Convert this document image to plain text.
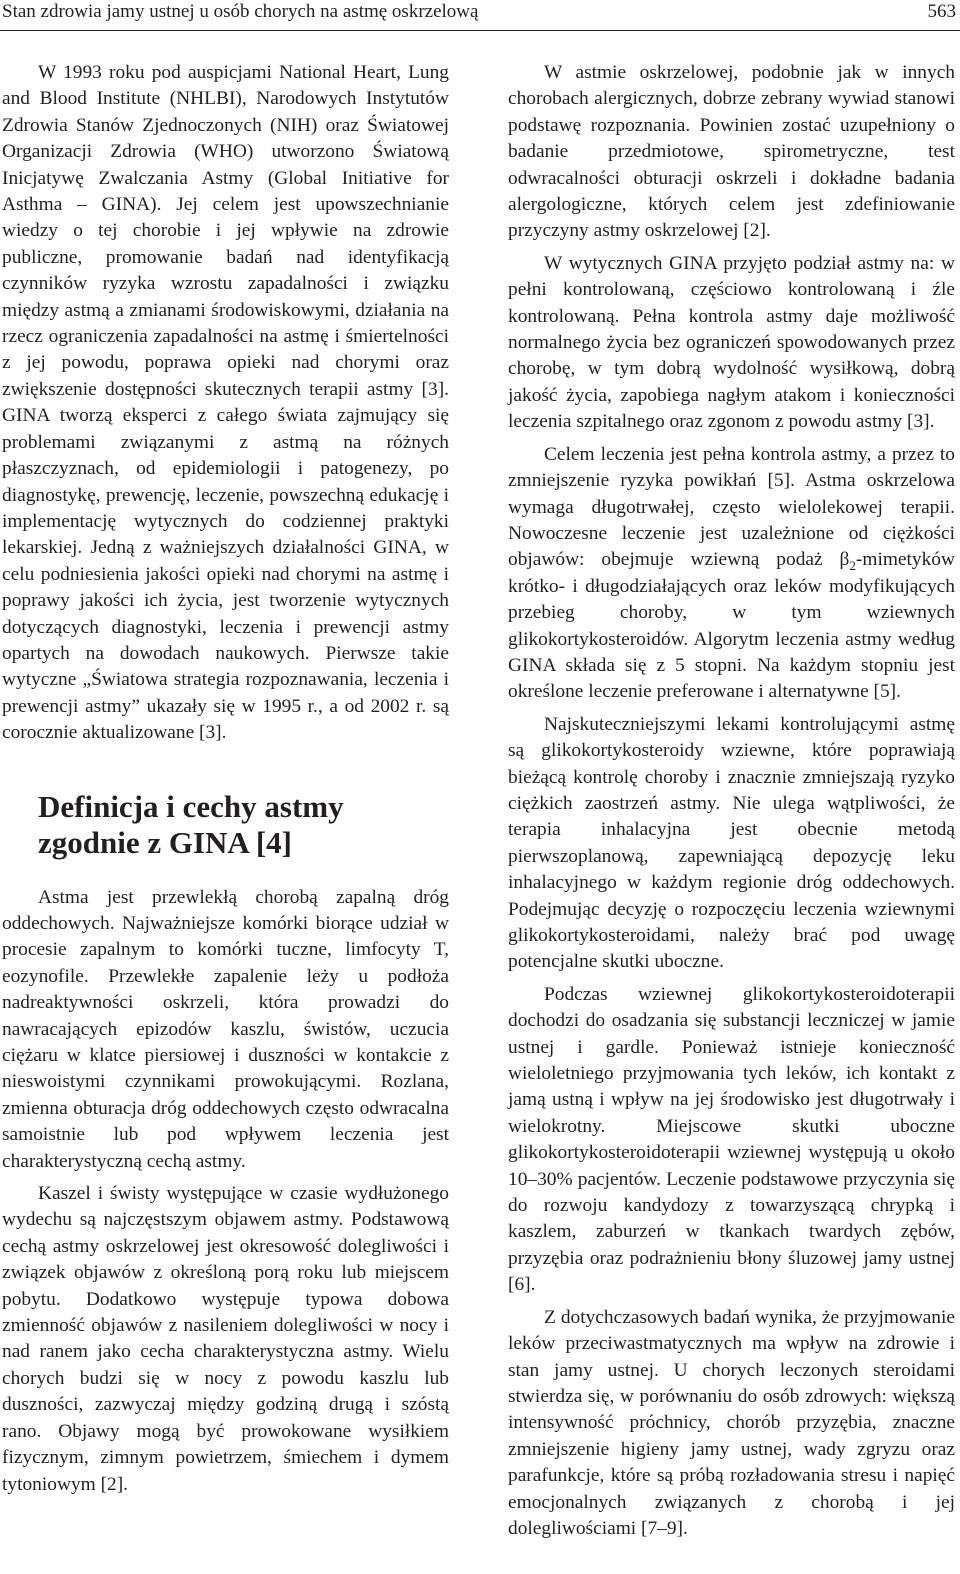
Stan zdrowia jamy ustnej u osób chorych na astmę oskrzelową	563

W 1993 roku pod auspicjami National Heart, Lung and Blood Institute (NHLBI), Narodowych Instytutów Zdrowia Stanów Zjednoczonych (NIH) oraz Światowej Organizacji Zdrowia (WHO) utworzono Światową Inicjatywę Zwalczania Astmy (Global Initiative for Asthma – GINA). Jej celem jest upowszechnianie wiedzy o tej chorobie i jej wpływie na zdrowie publiczne, promowanie badań nad identyfikacją czynników ryzyka wzrostu zapadalności i związku między astmą a zmianami środowiskowymi, działania na rzecz ograniczenia zapadalności na astmę i śmiertelności z jej powodu, poprawa opieki nad chorymi oraz zwiększenie dostępności skutecznych terapii astmy [3]. GINA tworzą eksperci z całego świata zajmujący się problemami związanymi z astmą na różnych płaszczyznach, od epidemiologii i patogenezy, po diagnostykę, prewencję, leczenie, powszechną edukację i implementację wytycznych do codziennej praktyki lekarskiej. Jedną z ważniejszych działalności GINA, w celu podniesienia jakości opieki nad chorymi na astmę i poprawy jakości ich życia, jest tworzenie wytycznych dotyczących diagnostyki, leczenia i prewencji astmy opartych na dowodach naukowych. Pierwsze takie wytyczne „Światowa strategia rozpoznawania, leczenia i prewencji astmy” ukazały się w 1995 r., a od 2002 r. są corocznie aktualizowane [3].

Definicja i cechy astmy zgodnie z GINA [4]

Astma jest przewlekłą chorobą zapalną dróg oddechowych. Najważniejsze komórki biorące udział w procesie zapalnym to komórki tuczne, limfocyty T, eozynofile. Przewlekłe zapalenie leży u podłoża nadreaktywności oskrzeli, która prowadzi do nawracających epizodów kaszlu, świstów, uczucia ciężaru w klatce piersiowej i duszności w kontakcie z nieswoistymi czynnikami prowokującymi. Rozlana, zmienna obturacja dróg oddechowych często odwracalna samoistnie lub pod wpływem leczenia jest charakterystyczną cechą astmy.

Kaszel i świsty występujące w czasie wydłużonego wydechu są najczęstszym objawem astmy. Podstawową cechą astmy oskrzelowej jest okresowość dolegliwości i związek objawów z określoną porą roku lub miejscem pobytu. Dodatkowo występuje typowa dobowa zmienność objawów z nasileniem dolegliwości w nocy i nad ranem jako cecha charakterystyczna astmy. Wielu chorych budzi się w nocy z powodu kaszlu lub duszności, zazwyczaj między godziną drugą i szóstą rano. Objawy mogą być prowokowane wysiłkiem fizycznym, zimnym powietrzem, śmiechem i dymem tytoniowym [2].

W astmie oskrzelowej, podobnie jak w innych chorobach alergicznych, dobrze zebrany wywiad stanowi podstawę rozpoznania. Powinien zostać uzupełniony o badanie przedmiotowe, spirometryczne, test odwracalności obturacji oskrzeli i dokładne badania alergologiczne, których celem jest zdefiniowanie przyczyny astmy oskrzelowej [2].

W wytycznych GINA przyjęto podział astmy na: w pełni kontrolowaną, częściowo kontrolowaną i źle kontrolowaną. Pełna kontrola astmy daje możliwość normalnego życia bez ograniczeń spowodowanych przez chorobę, w tym dobrą wydolność wysiłkową, dobrą jakość życia, zapobiega nagłym atakom i konieczności leczenia szpitalnego oraz zgonom z powodu astmy [3].

Celem leczenia jest pełna kontrola astmy, a przez to zmniejszenie ryzyka powikłań [5]. Astma oskrzelowa wymaga długotrwałej, często wielolekowej terapii. Nowoczesne leczenie jest uzależnione od ciężkości objawów: obejmuje wziewną podaż $\beta_2$-mimetyków krótko- i długodziałających oraz leków modyfikujących przebieg choroby, w tym wziewnych glikokortykosteroidów. Algorytm leczenia astmy według GINA składa się z 5 stopni. Na każdym stopniu jest określone leczenie preferowane i alternatywne [5].

Najskuteczniejszymi lekami kontrolującymi astmę są glikokortykosteroidy wziewne, które poprawiają bieżącą kontrolę choroby i znacznie zmniejszają ryzyko ciężkich zaostrzeń astmy. Nie ulega wątpliwości, że terapia inhalacyjna jest obecnie metodą pierwszoplanową, zapewniającą depozycję leku inhalacyjnego w każdym regionie dróg oddechowych. Podejmując decyzję o rozpoczęciu leczenia wziewnymi glikokortykosteroidami, należy brać pod uwagę potencjalne skutki uboczne.

Podczas wziewnej glikokortykosteroidoterapii dochodzi do osadzania się substancji leczniczej w jamie ustnej i gardle. Ponieważ istnieje konieczność wieloletniego przyjmowania tych leków, ich kontakt z jamą ustną i wpływ na jej środowisko jest długotrwały i wielokrotny. Miejscowe skutki uboczne glikokortykosteroidoterapii wziewnej występują u około 10–30% pacjentów. Leczenie podstawowe przyczynia się do rozwoju kandydozy z towarzyszącą chrypką i kaszlem, zaburzeń w tkankach twardych zębów, przyzębia oraz podrażnieniu błony śluzowej jamy ustnej [6].

Z dotychczasowych badań wynika, że przyjmowanie leków przeciwastmatycznych ma wpływ na zdrowie i stan jamy ustnej. U chorych leczonych steroidami stwierdza się, w porównaniu do osób zdrowych: większą intensywność próchnicy, chorób przyzębia, znaczne zmniejszenie higieny jamy ustnej, wady zgryzu oraz parafunkcje, które są próbą rozładowania stresu i napięć emocjonalnych związanych z chorobą i jej dolegliwościami [7–9].
